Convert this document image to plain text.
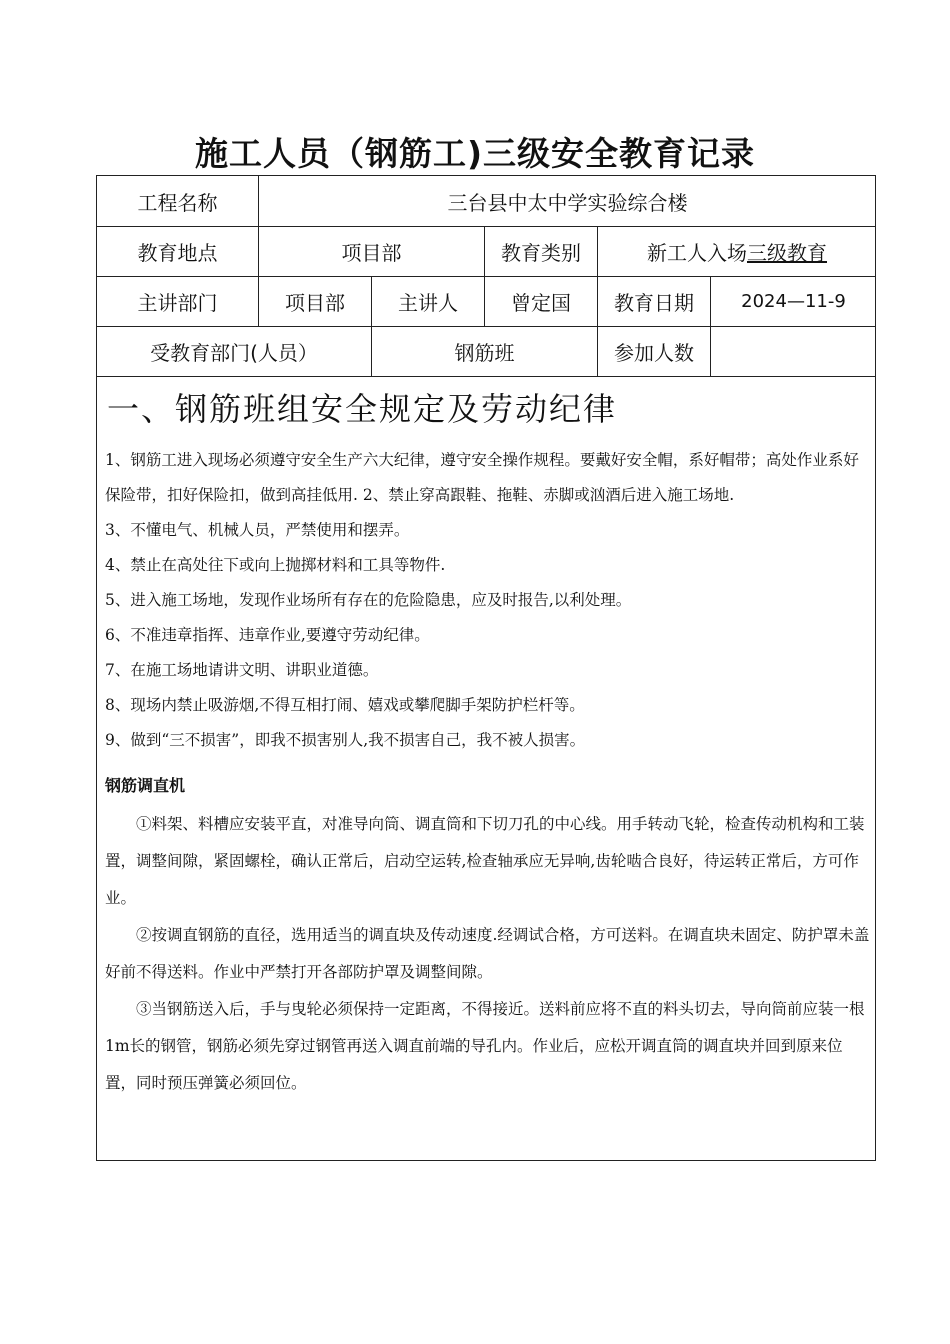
施工人员（钢筋工)三级安全教育记录
工程名称	三台县中太中学实验综合楼
教育地点	项目部	教育类别	新工人入场 三级教育
主讲部门	项目部	主讲人	曾定国	教育日期	2024—11-9
受教育部门(人员）	钢筋班	参加人数
一、钢筋班组安全规定及劳动纪律

1、钢筋工进入现场必须遵守安全生产六大纪律，遵守安全操作规程。要戴好安全帽，系好帽带；高处作业系好保险带，扣好保险扣，做到高挂低用. 2、禁止穿高跟鞋、拖鞋、赤脚或汹酒后进入施工场地.

3、不懂电气、机械人员，严禁使用和摆弄。

4、禁止在高处往下或向上抛掷材料和工具等物件.

5、进入施工场地，发现作业场所有存在的危险隐患，应及时报告,以利处理。

6、不准违章指挥、违章作业,要遵守劳动纪律。

7、在施工场地请讲文明、讲职业道德。

8、现场内禁止吸游烟,不得互相打闹、嬉戏或攀爬脚手架防护栏杆等。

9、做到“三不损害”，即我不损害别人,我不损害自己，我不被人损害。

钢筋调直机

①料架、料槽应安装平直，对准导向筒、调直筒和下切刀孔的中心线。用手转动飞轮，检查传动机构和工装置，调整间隙，紧固螺栓，确认正常后，启动空运转,检查轴承应无异响,齿轮啮合良好，待运转正常后，方可作业。

②按调直钢筋的直径，选用适当的调直块及传动速度.经调试合格，方可送料。在调直块未固定、防护罩未盖好前不得送料。作业中严禁打开各部防护罩及调整间隙。

③当钢筋送入后，手与曳轮必须保持一定距离，不得接近。送料前应将不直的料头切去，导向筒前应装一根1m长的钢管，钢筋必须先穿过钢管再送入调直前端的导孔内。作业后，应松开调直筒的调直块并回到原来位置，同时预压弹簧必须回位。
